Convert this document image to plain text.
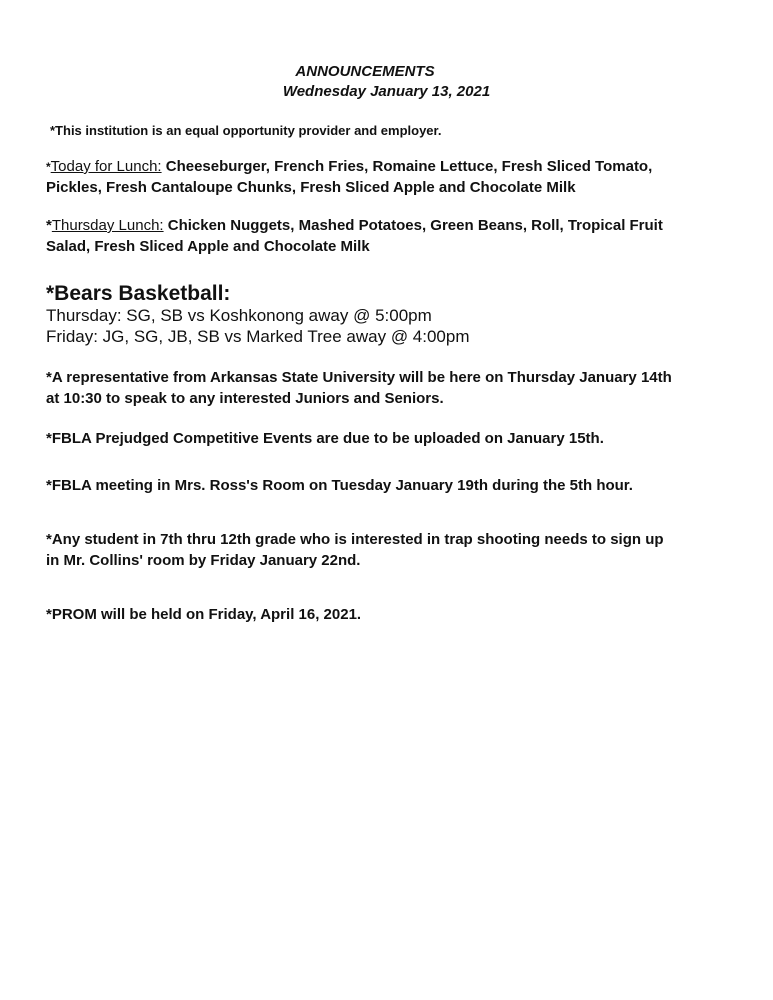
ANNOUNCEMENTS
Wednesday January 13, 2021
*This institution is an equal opportunity provider and employer.
*Today for Lunch: Cheeseburger, French Fries, Romaine Lettuce, Fresh Sliced Tomato,
Pickles, Fresh Cantaloupe Chunks, Fresh Sliced Apple and Chocolate Milk
*Thursday Lunch: Chicken Nuggets, Mashed Potatoes, Green Beans, Roll, Tropical Fruit
Salad, Fresh Sliced Apple and Chocolate Milk
*Bears Basketball:
Thursday: SG, SB vs Koshkonong away @ 5:00pm
Friday: JG, SG, JB, SB vs Marked Tree away @ 4:00pm
*A representative from Arkansas State University will be here on Thursday January 14th
at 10:30 to speak to any interested Juniors and Seniors.
*FBLA Prejudged Competitive Events are due to be uploaded on January 15th.
*FBLA meeting in Mrs. Ross's Room on Tuesday January 19th during the 5th hour.
*Any student in 7th thru 12th grade who is interested in trap shooting needs to sign up
in Mr. Collins' room by Friday January 22nd.
*PROM will be held on Friday, April 16, 2021.
